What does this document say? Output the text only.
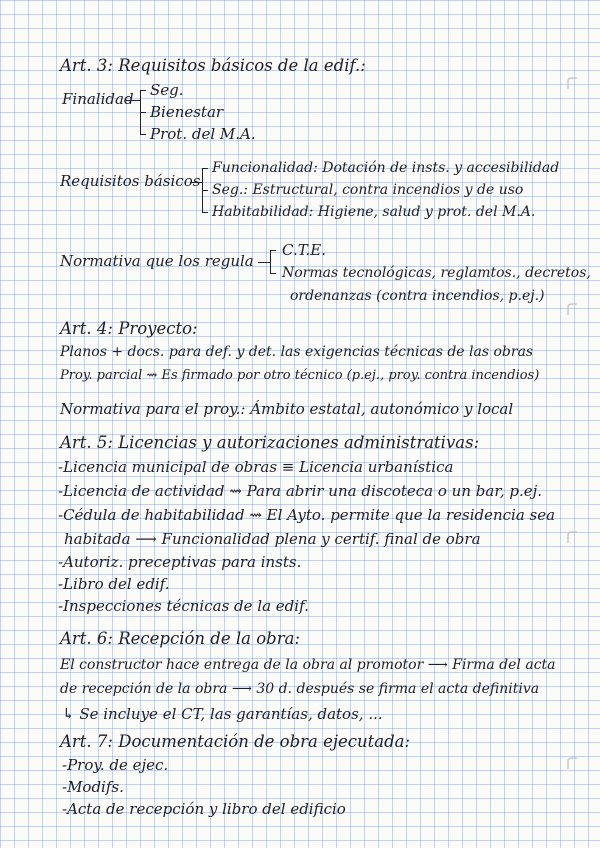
Art. 3: Requisitos básicos de la edif.:
Finalidad Seg.
Bienestar
Prot. del M.A.
Requisitos básicos
Funcionalidad: Dotación de insts. y accesibilidad
Seg.: Estructural, contra incendios y de uso
Habitabilidad: Higiene, salud y prot. del M.A.
Normativa que los regula
C.T.E.
Normas tecnológicas, reglamtos., decretos,
ordenanzas (contra incendios, p.ej.)
Art. 4: Proyecto:
Planos + docs. para def. y det. las exigencias técnicas de las obras
Proy. parcial ⇝ Es firmado por otro técnico (p.ej., proy. contra incendios)
Normativa para el proy.: Ámbito estatal, autonómico y local
Art. 5: Licencias y autorizaciones administrativas:
-Licencia municipal de obras ≡ Licencia urbanística
-Licencia de actividad ⇝ Para abrir una discoteca o un bar, p.ej.
-Cédula de habitabilidad ⇝ El Ayto. permite que la residencia sea
habitada ⟶ Funcionalidad plena y certif. final de obra
-Autoriz. preceptivas para insts.
-Libro del edif.
-Inspecciones técnicas de la edif.
Art. 6: Recepción de la obra:
El constructor hace entrega de la obra al promotor ⟶ Firma del acta
de recepción de la obra ⟶ 30 d. después se firma el acta definitiva
↳ Se incluye el CT, las garantías, datos, ...
Art. 7: Documentación de obra ejecutada:
-Proy. de ejec.
-Modifs.
-Acta de recepción y libro del edificio
